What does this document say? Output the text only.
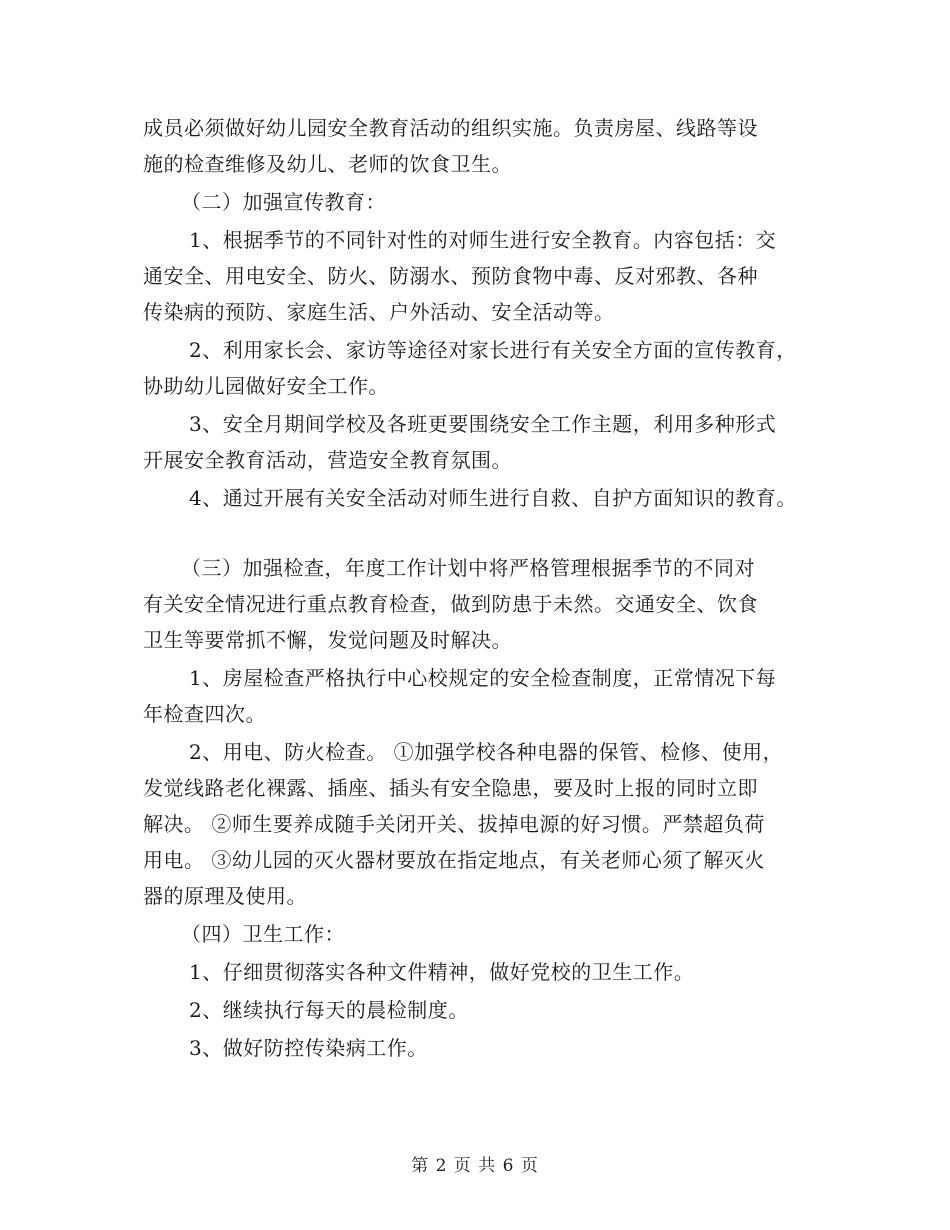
成员必须做好幼儿园安全教育活动的组织实施。负责房屋、线路等设
施的检查维修及幼儿、老师的饮食卫生。
（二）加强宣传教育：
1、根据季节的不同针对性的对师生进行安全教育。内容包括：交
通安全、用电安全、防火、防溺水、预防食物中毒、反对邪教、各种
传染病的预防、家庭生活、户外活动、安全活动等。
2、利用家长会、家访等途径对家长进行有关安全方面的宣传教育，
协助幼儿园做好安全工作。
3、安全月期间学校及各班更要围绕安全工作主题，利用多种形式
开展安全教育活动，营造安全教育氛围。
4、通过开展有关安全活动对师生进行自救、自护方面知识的教育。
（三）加强检查，年度工作计划中将严格管理根据季节的不同对
有关安全情况进行重点教育检查，做到防患于未然。交通安全、饮食
卫生等要常抓不懈，发觉问题及时解决。
1、房屋检查严格执行中心校规定的安全检查制度，正常情况下每
年检查四次。
2、用电、防火检查。 ①加强学校各种电器的保管、检修、使用，
发觉线路老化裸露、插座、插头有安全隐患，要及时上报的同时立即
解决。 ②师生要养成随手关闭开关、拔掉电源的好习惯。严禁超负荷
用电。 ③幼儿园的灭火器材要放在指定地点，有关老师心须了解灭火
器的原理及使用。
（四）卫生工作：
1、仔细贯彻落实各种文件精神，做好党校的卫生工作。
2、继续执行每天的晨检制度。
3、做好防控传染病工作。
第 2 页 共 6 页
